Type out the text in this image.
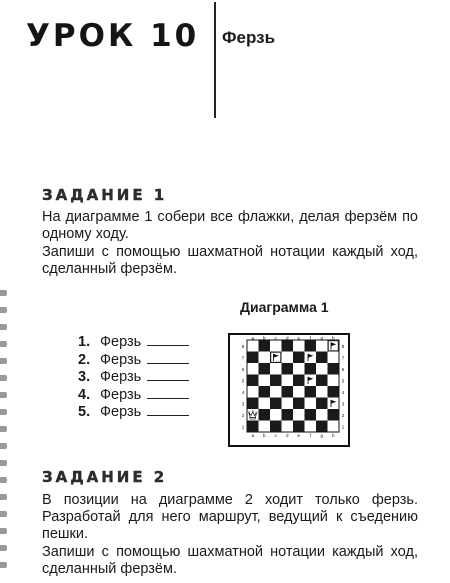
УРОК 10 Ферзь
ЗАДАНИЕ 1

На диаграмме 1 собери все флажки, делая ферзём по одному ходу.

Запиши с помощью шахматной нотации каждый ход, сделанный ферзём.

1. Ферзь
2. Ферзь
3. Ферзь
4. Ферзь
5. Ферзь
Диаграмма 1
8	8
7	7
6	6
5	5
4	4
3	3
2	2
1	1
a
a
b
b
c
c
d
d
e
e
f
f
g
g
h
h
ЗАДАНИЕ 2

В позиции на диаграмме 2 ходит только ферзь. Разработай для него маршрут, ведущий к съедению пешки.

Запиши с помощью шахматной нотации каждый ход, сделанный ферзём.
